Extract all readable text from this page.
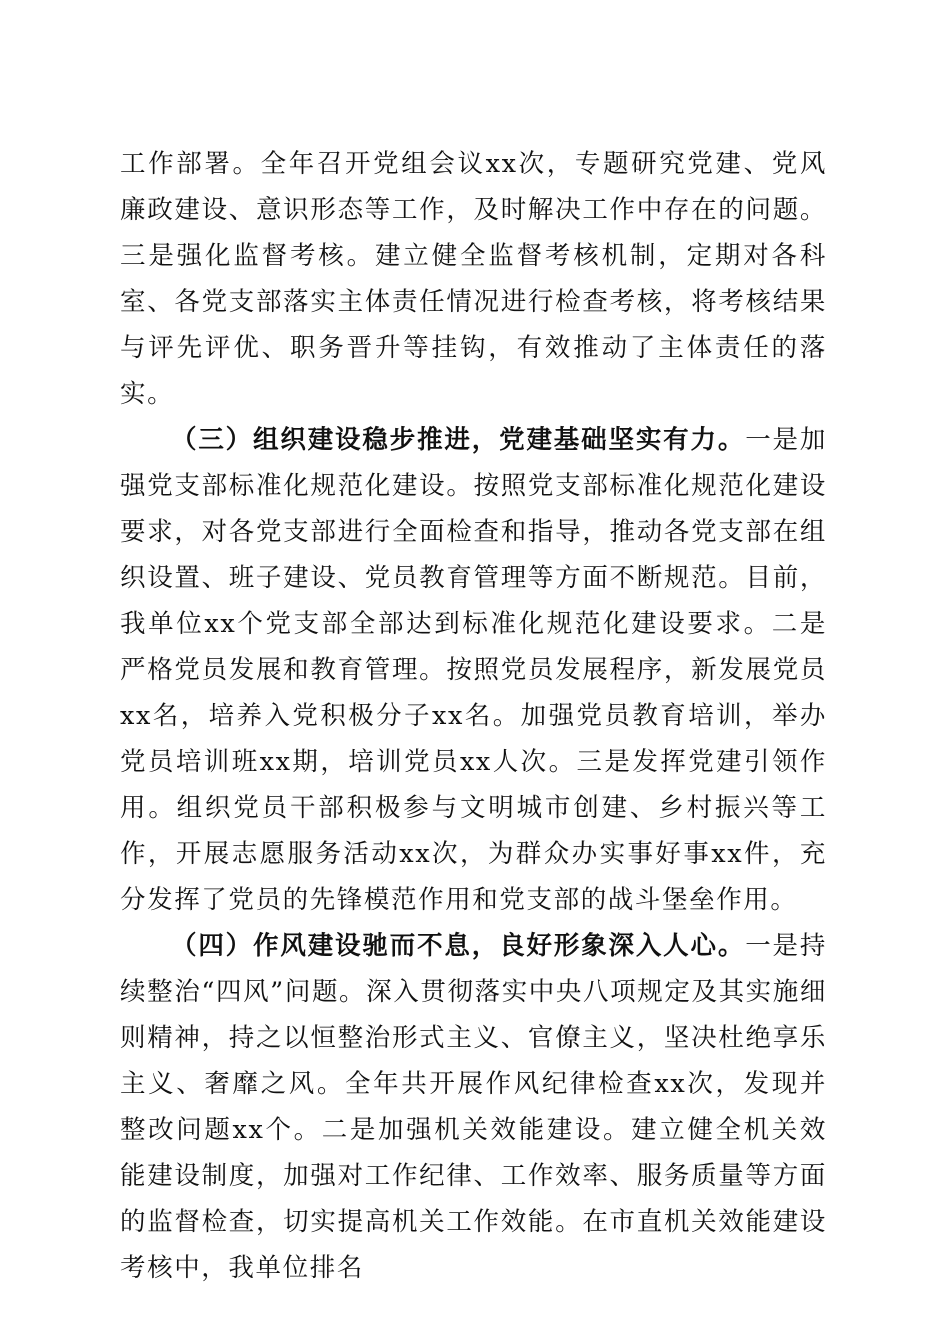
工作部署。全年召开党组会议xx次，专题研究党建、党风廉政建设、意识形态等工作，及时解决工作中存在的问题。三是强化监督考核。建立健全监督考核机制，定期对各科室、各党支部落实主体责任情况进行检查考核，将考核结果与评先评优、职务晋升等挂钩，有效推动了主体责任的落实。

（三）组织建设稳步推进，党建基础坚实有力。一是加强党支部标准化规范化建设。按照党支部标准化规范化建设要求，对各党支部进行全面检查和指导，推动各党支部在组织设置、班子建设、党员教育管理等方面不断规范。目前，我单位xx个党支部全部达到标准化规范化建设要求。二是严格党员发展和教育管理。按照党员发展程序，新发展党员xx名，培养入党积极分子xx名。加强党员教育培训，举办党员培训班xx期，培训党员xx人次。三是发挥党建引领作用。组织党员干部积极参与文明城市创建、乡村振兴等工作，开展志愿服务活动xx次，为群众办实事好事xx件，充分发挥了党员的先锋模范作用和党支部的战斗堡垒作用。

（四）作风建设驰而不息，良好形象深入人心。一是持续整治“四风”问题。深入贯彻落实中央八项规定及其实施细则精神，持之以恒整治形式主义、官僚主义，坚决杜绝享乐主义、奢靡之风。全年共开展作风纪律检查xx次，发现并整改问题xx个。二是加强机关效能建设。建立健全机关效能建设制度，加强对工作纪律、工作效率、服务质量等方面的监督检查，切实提高机关工作效能。在市直机关效能建设考核中，我单位排名
